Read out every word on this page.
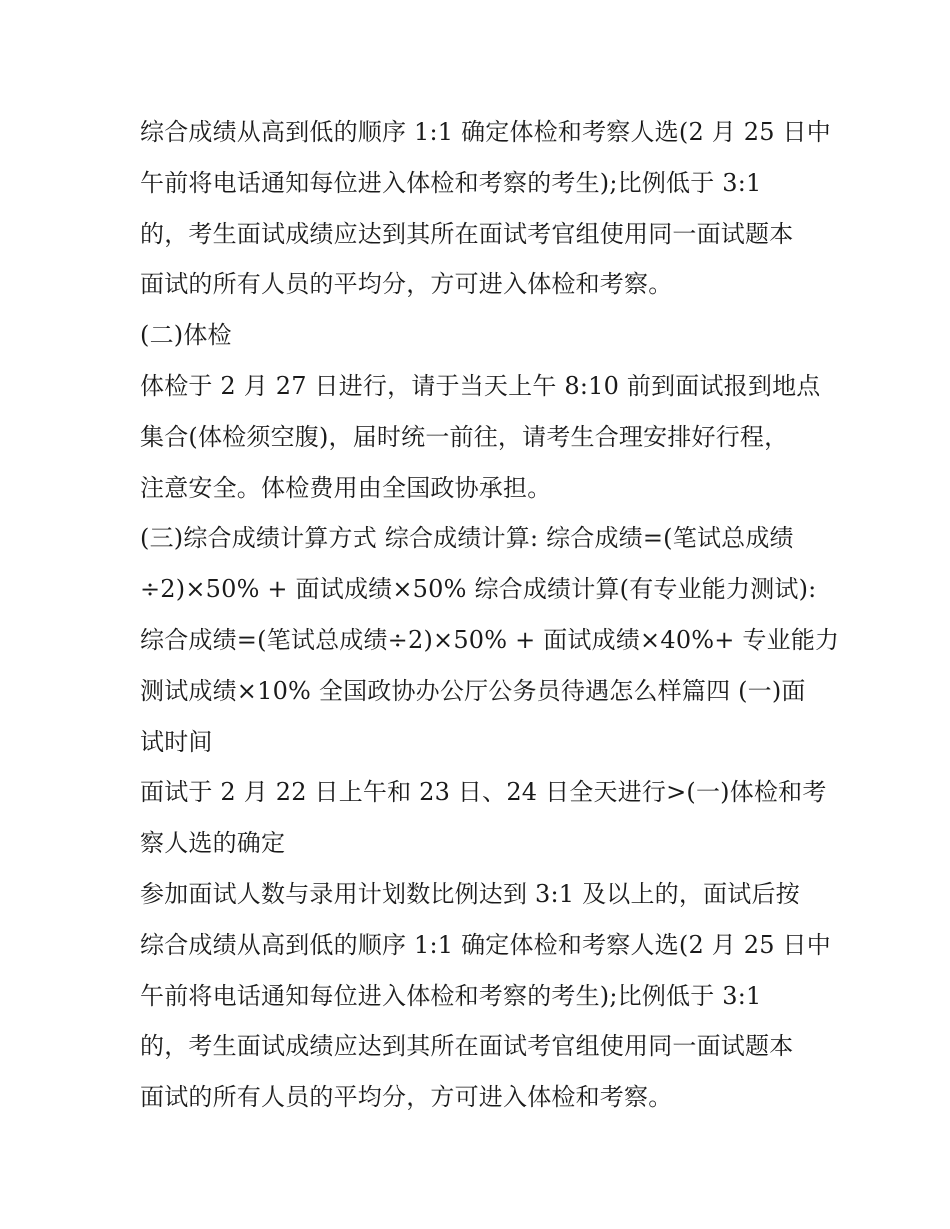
综合成绩从高到低的顺序 1:1 确定体检和考察人选(2 月 25 日中
午前将电话通知每位进入体检和考察的考生);比例低于 3:1
的，考生面试成绩应达到其所在面试考官组使用同一面试题本
面试的所有人员的平均分，方可进入体检和考察。
(二)体检
体检于 2 月 27 日进行，请于当天上午 8:10 前到面试报到地点
集合(体检须空腹)，届时统一前往，请考生合理安排好行程，
注意安全。体检费用由全国政协承担。
(三)综合成绩计算方式 综合成绩计算: 综合成绩=(笔试总成绩
÷2)×50% + 面试成绩×50% 综合成绩计算(有专业能力测试):
综合成绩=(笔试总成绩÷2)×50% + 面试成绩×40%+ 专业能力
测试成绩×10% 全国政协办公厅公务员待遇怎么样篇四 (一)面
试时间
面试于 2 月 22 日上午和 23 日、24 日全天进行>(一)体检和考
察人选的确定
参加面试人数与录用计划数比例达到 3:1 及以上的，面试后按
综合成绩从高到低的顺序 1:1 确定体检和考察人选(2 月 25 日中
午前将电话通知每位进入体检和考察的考生);比例低于 3:1
的，考生面试成绩应达到其所在面试考官组使用同一面试题本
面试的所有人员的平均分，方可进入体检和考察。
